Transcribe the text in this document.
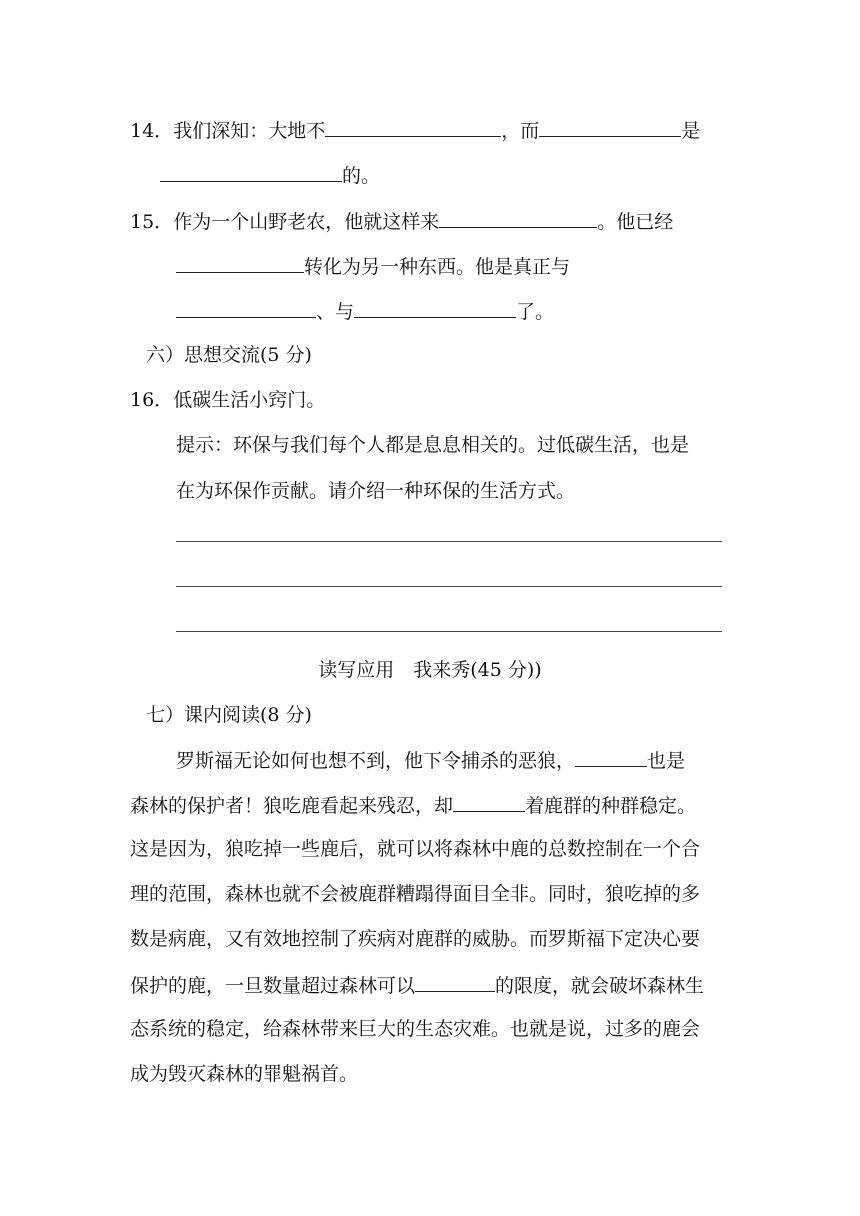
14．我们深知：大地不	，而	是
的。
15．作为一个山野老农，他就这样来	。他已经
转化为另一种东西。他是真正与
、与	了。
六）思想交流(5 分)
16．低碳生活小窍门。
提示：环保与我们每个人都是息息相关的。过低碳生活，也是
在为环保作贡献。请介绍一种环保的生活方式。
读写应用　我来秀(45 分))
七）课内阅读(8 分)
罗斯福无论如何也想不到，他下令捕杀的恶狼，	也是
森林的保护者！狼吃鹿看起来残忍，却	着鹿群的种群稳定。
这是因为，狼吃掉一些鹿后，就可以将森林中鹿的总数控制在一个合
理的范围，森林也就不会被鹿群糟蹋得面目全非。同时，狼吃掉的多
数是病鹿，又有效地控制了疾病对鹿群的威胁。而罗斯福下定决心要
保护的鹿，一旦数量超过森林可以	的限度，就会破坏森林生
态系统的稳定，给森林带来巨大的生态灾难。也就是说，过多的鹿会
成为毁灭森林的罪魁祸首。
